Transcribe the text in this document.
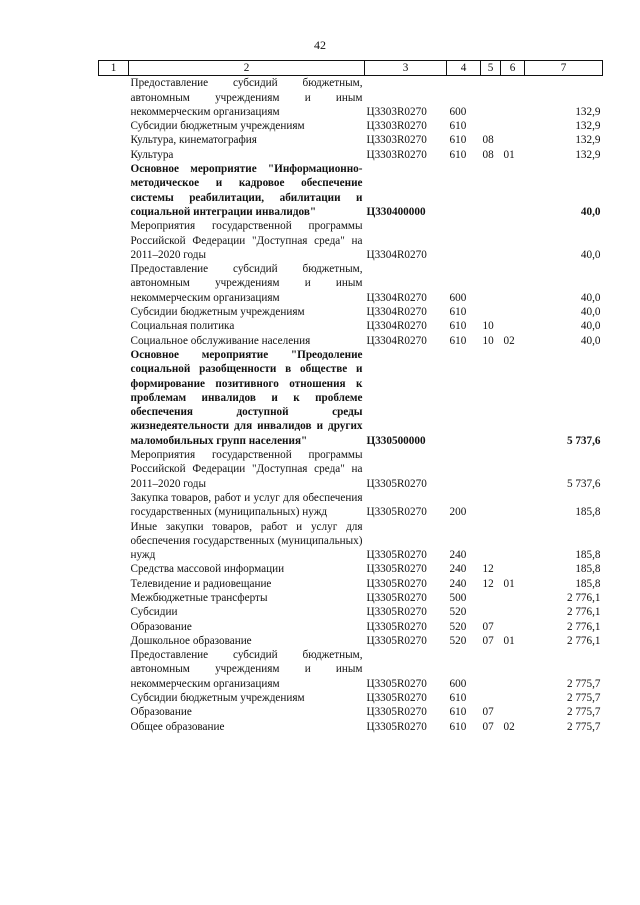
42
1	2	3	4	5	6	7
	Предоставление субсидий бюджетным, автономным учреждениям и иным некоммерческим организациям	Ц3303R0270	600			132,9
	Субсидии бюджетным учреждениям	Ц3303R0270	610			132,9
	Культура, кинематография	Ц3303R0270	610	08		132,9
	Культура	Ц3303R0270	610	08	01	132,9
	Основное мероприятие "Информационно-методическое и кадровое обеспечение системы реабилитации, абилитации и социальной интеграции инвалидов"	Ц330400000				40,0
	Мероприятия государственной программы Российской Федерации "Доступная среда" на 2011–2020 годы	Ц3304R0270				40,0
	Предоставление субсидий бюджетным, автономным учреждениям и иным некоммерческим организациям	Ц3304R0270	600			40,0
	Субсидии бюджетным учреждениям	Ц3304R0270	610			40,0
	Социальная политика	Ц3304R0270	610	10		40,0
	Социальное обслуживание населения	Ц3304R0270	610	10	02	40,0
	Основное мероприятие "Преодоление социальной разобщенности в обществе и формирование позитивного отношения к проблемам инвалидов и к проблеме обеспечения доступной среды жизнедеятельности для инвалидов и других маломобильных групп населения"	Ц330500000				5 737,6
	Мероприятия государственной программы Российской Федерации "Доступная среда" на 2011–2020 годы	Ц3305R0270				5 737,6
	Закупка товаров, работ и услуг для обеспечения государственных (муниципальных) нужд	Ц3305R0270	200			185,8
	Иные закупки товаров, работ и услуг для обеспечения государственных (муниципальных) нужд	Ц3305R0270	240			185,8
	Средства массовой информации	Ц3305R0270	240	12		185,8
	Телевидение и радиовещание	Ц3305R0270	240	12	01	185,8
	Межбюджетные трансферты	Ц3305R0270	500			2 776,1
	Субсидии	Ц3305R0270	520			2 776,1
	Образование	Ц3305R0270	520	07		2 776,1
	Дошкольное образование	Ц3305R0270	520	07	01	2 776,1
	Предоставление субсидий бюджетным, автономным учреждениям и иным некоммерческим организациям	Ц3305R0270	600			2 775,7
	Субсидии бюджетным учреждениям	Ц3305R0270	610			2 775,7
	Образование	Ц3305R0270	610	07		2 775,7
	Общее образование	Ц3305R0270	610	07	02	2 775,7
